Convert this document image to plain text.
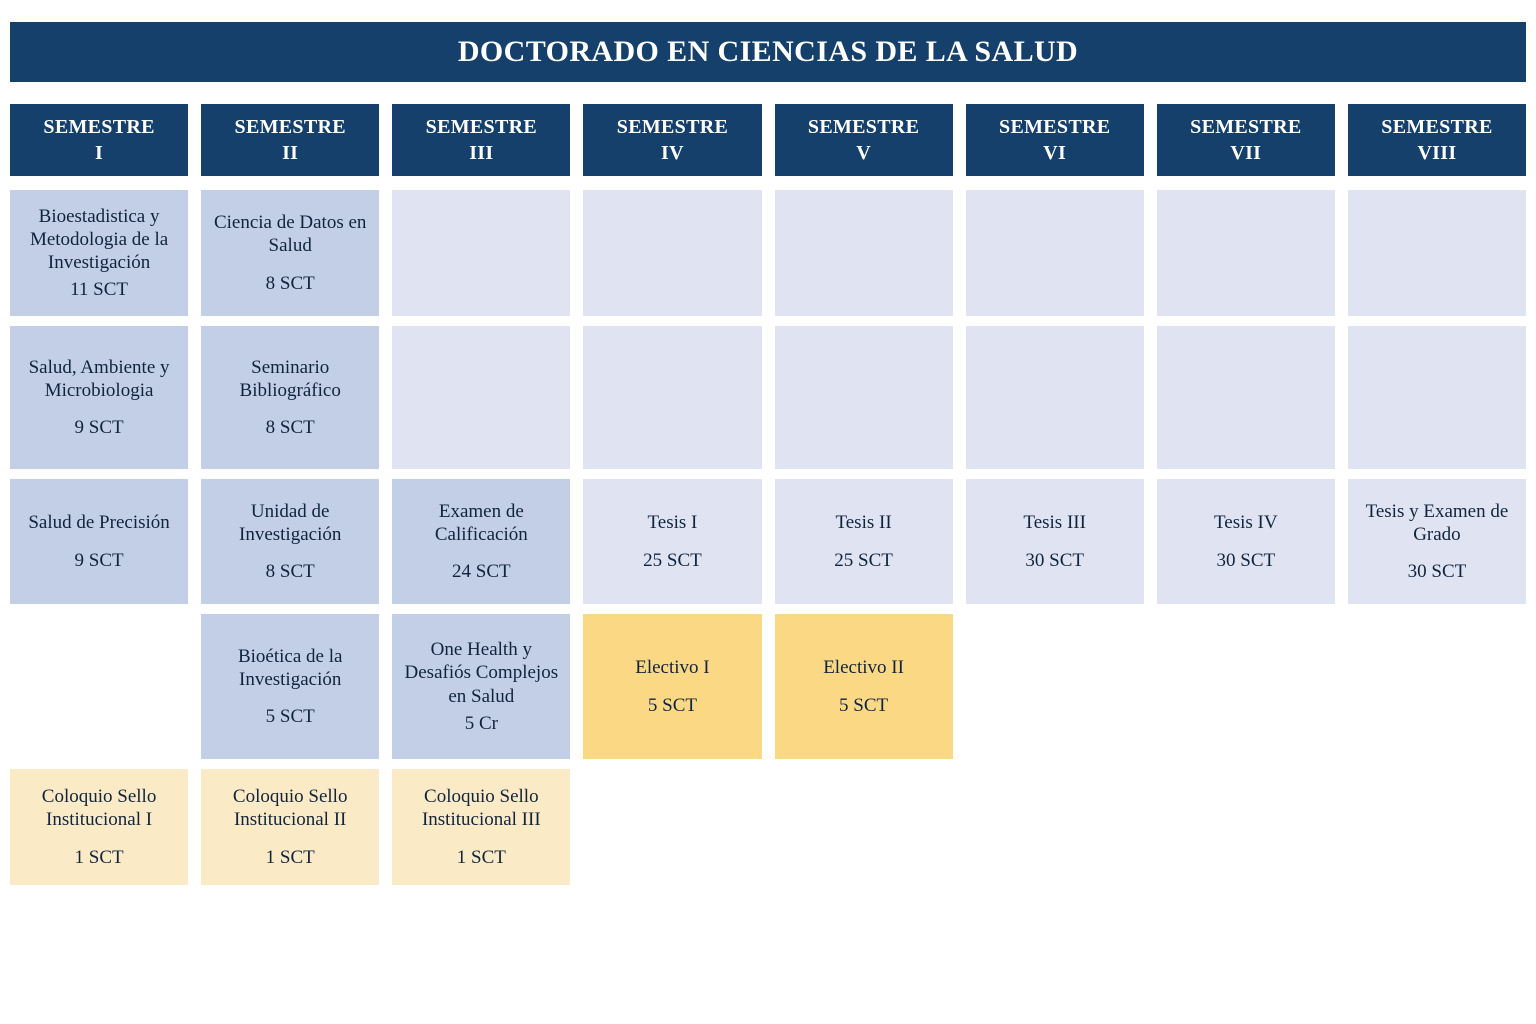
DOCTORADO EN CIENCIAS DE LA SALUD
SEMESTRE
I
Bioestadistica y Metodologia de la Investigación
11 SCT
Salud, Ambiente y Microbiologia
9 SCT
Salud de Precisión
9 SCT
Coloquio Sello Institucional I
1 SCT
SEMESTRE
II
Ciencia de Datos en Salud
8 SCT
Seminario Bibliográfico
8 SCT
Unidad de Investigación
8 SCT
Bioética de la Investigación
5 SCT
Coloquio Sello Institucional II
1 SCT
SEMESTRE
III
Examen de Calificación
24 SCT
One Health y Desafiós Complejos en Salud
5 Cr
Coloquio Sello Institucional III
1 SCT
SEMESTRE
IV
Tesis I
25 SCT
Electivo I
5 SCT
SEMESTRE
V
Tesis II
25 SCT
Electivo II
5 SCT
SEMESTRE
VI
Tesis III
30 SCT
SEMESTRE
VII
Tesis IV
30 SCT
SEMESTRE
VIII
Tesis y Examen de Grado
30 SCT
